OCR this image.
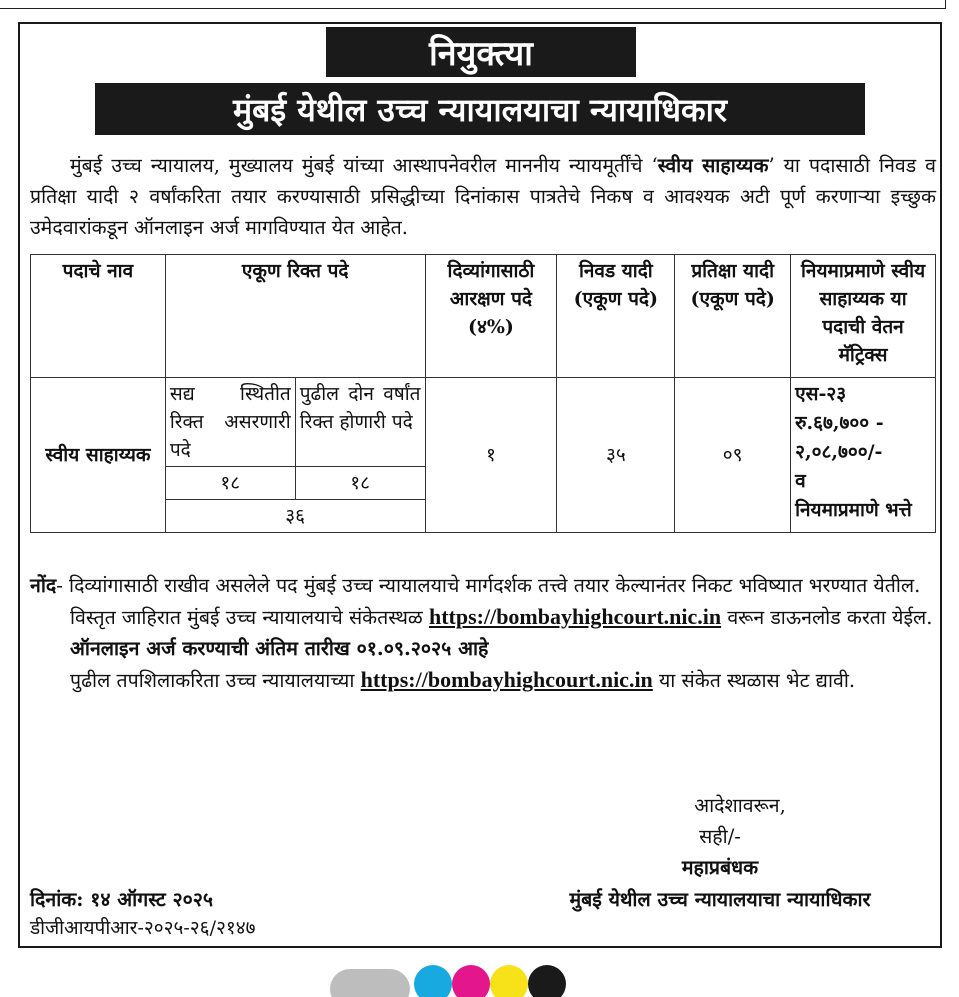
नियुक्त्या
मुंबई येथील उच्च न्यायालयाचा न्यायाधिकार
मुंबई उच्च न्यायालय, मुख्यालय मुंबई यांच्या आस्थापनेवरील माननीय न्यायमूर्तींचे ‘स्वीय साहाय्यक’ या पदासाठी निवड व प्रतिक्षा यादी २ वर्षांकरिता तयार करण्यासाठी प्रसिद्धीच्या दिनांकास पात्रतेचे निकष व आवश्यक अटी पूर्ण करणाऱ्या इच्छुक उमेदवारांकडून ऑनलाइन अर्ज मागविण्यात येत आहेत.
पदाचे नाव	एकूण रिक्त पदे		दिव्यांगासाठी आरक्षण पदे (४%)	निवड यादी (एकूण पदे)	प्रतिक्षा यादी (एकूण पदे)	नियमाप्रमाणे स्वीय साहाय्यक या पदाची वेतन मॅट्रिक्स
स्वीय साहाय्यक	सद्य स्थितीत रिक्त असरणारी पदे	पुढील दोन वर्षांत रिक्त होणारी पदे	१	३५	०९	एस-२३
रु.६७,७०० - २,०८,७००/-
व
नियमाप्रमाणे भत्ते

	१८	१८				
	३६					

नोंद- दिव्यांगासाठी राखीव असलेले पद मुंबई उच्च न्यायालयाचे मार्गदर्शक तत्त्वे तयार केल्यानंतर निकट भविष्यात भरण्यात येतील.

विस्तृत जाहिरात मुंबई उच्च न्यायालयाचे संकेतस्थळ https://bombayhighcourt.nic.in वरून डाऊनलोड करता येईल.

ऑनलाइन अर्ज करण्याची अंतिम तारीख ०१.०९.२०२५ आहे

पुढील तपशिलाकरिता उच्च न्यायालयाच्या https://bombayhighcourt.nic.in या संकेत स्थळास भेट द्यावी.

आदेशावरून,
सही/-
महाप्रबंधक
दिनांक: १४ ऑगस्ट २०२५
डीजीआयपीआर-२०२५-२६/२१४७
मुंबई येथील उच्च न्यायालयाचा न्यायाधिकार
